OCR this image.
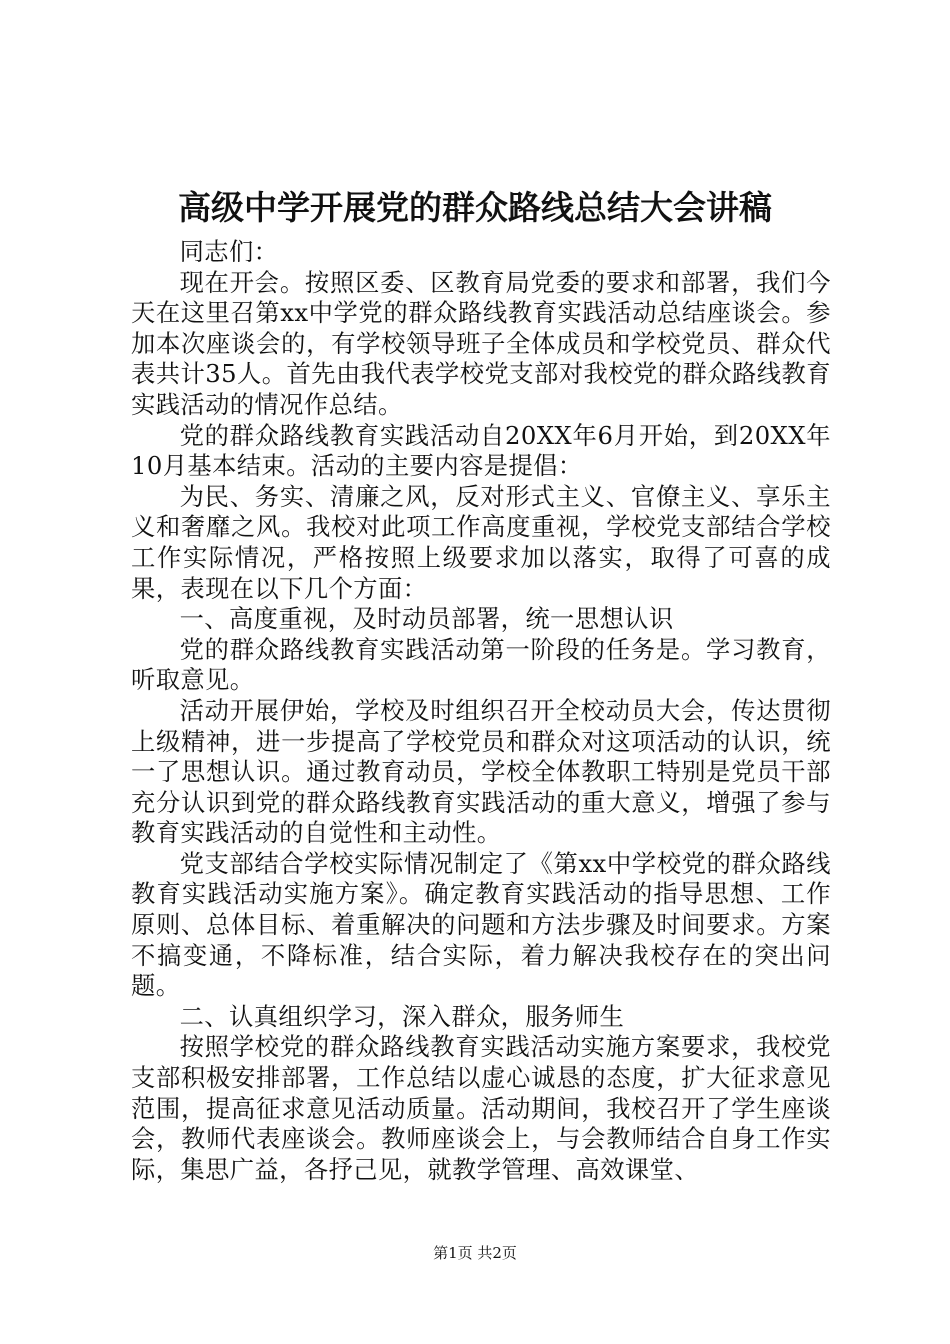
高级中学开展党的群众路线总结大会讲稿

同志们：

现在开会。按照区委、区教育局党委的要求和部署，我们今天在这里召第xx中学党的群众路线教育实践活动总结座谈会。参加本次座谈会的，有学校领导班子全体成员和学校党员、群众代表共计35人。首先由我代表学校党支部对我校党的群众路线教育实践活动的情况作总结。

党的群众路线教育实践活动自20XX年6月开始，到20XX年10月基本结束。活动的主要内容是提倡：

为民、务实、清廉之风，反对形式主义、官僚主义、享乐主义和奢靡之风。我校对此项工作高度重视，学校党支部结合学校工作实际情况，严格按照上级要求加以落实，取得了可喜的成果，表现在以下几个方面：

一、高度重视，及时动员部署，统一思想认识

党的群众路线教育实践活动第一阶段的任务是。学习教育，听取意见。

活动开展伊始，学校及时组织召开全校动员大会，传达贯彻上级精神，进一步提高了学校党员和群众对这项活动的认识，统一了思想认识。通过教育动员，学校全体教职工特别是党员干部充分认识到党的群众路线教育实践活动的重大意义，增强了参与教育实践活动的自觉性和主动性。

党支部结合学校实际情况制定了《第xx中学校党的群众路线教育实践活动实施方案》。确定教育实践活动的指导思想、工作原则、总体目标、着重解决的问题和方法步骤及时间要求。方案不搞变通，不降标准，结合实际，着力解决我校存在的突出问题。

二、认真组织学习，深入群众，服务师生

按照学校党的群众路线教育实践活动实施方案要求，我校党支部积极安排部署，工作总结以虚心诚恳的态度，扩大征求意见范围，提高征求意见活动质量。活动期间，我校召开了学生座谈会，教师代表座谈会。教师座谈会上，与会教师结合自身工作实际，集思广益，各抒己见，就教学管理、高效课堂、

第1页 共2页
